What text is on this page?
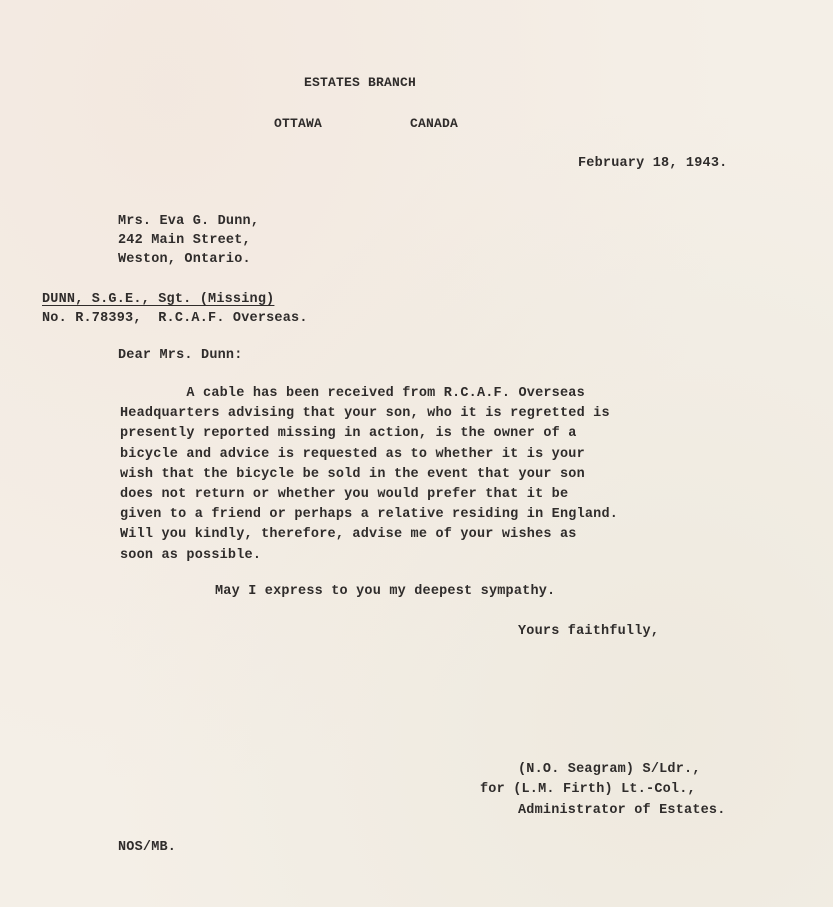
ESTATES BRANCH
OTTAWA	CANADA
February 18, 1943.
Mrs. Eva G. Dunn,
242 Main Street,
Weston, Ontario.
DUNN, S.G.E., Sgt. (Missing)
No. R.78393,  R.C.A.F. Overseas.
Dear Mrs. Dunn:
A cable has been received from R.C.A.F. Overseas
Headquarters advising that your son, who it is regretted is
presently reported missing in action, is the owner of a
bicycle and advice is requested as to whether it is your
wish that the bicycle be sold in the event that your son
does not return or whether you would prefer that it be
given to a friend or perhaps a relative residing in England.
Will you kindly, therefore, advise me of your wishes as
soon as possible.
May I express to you my deepest sympathy.
Yours faithfully,
(N.O. Seagram) S/Ldr.,
for (L.M. Firth) Lt.-Col.,
Administrator of Estates.
NOS/MB.
